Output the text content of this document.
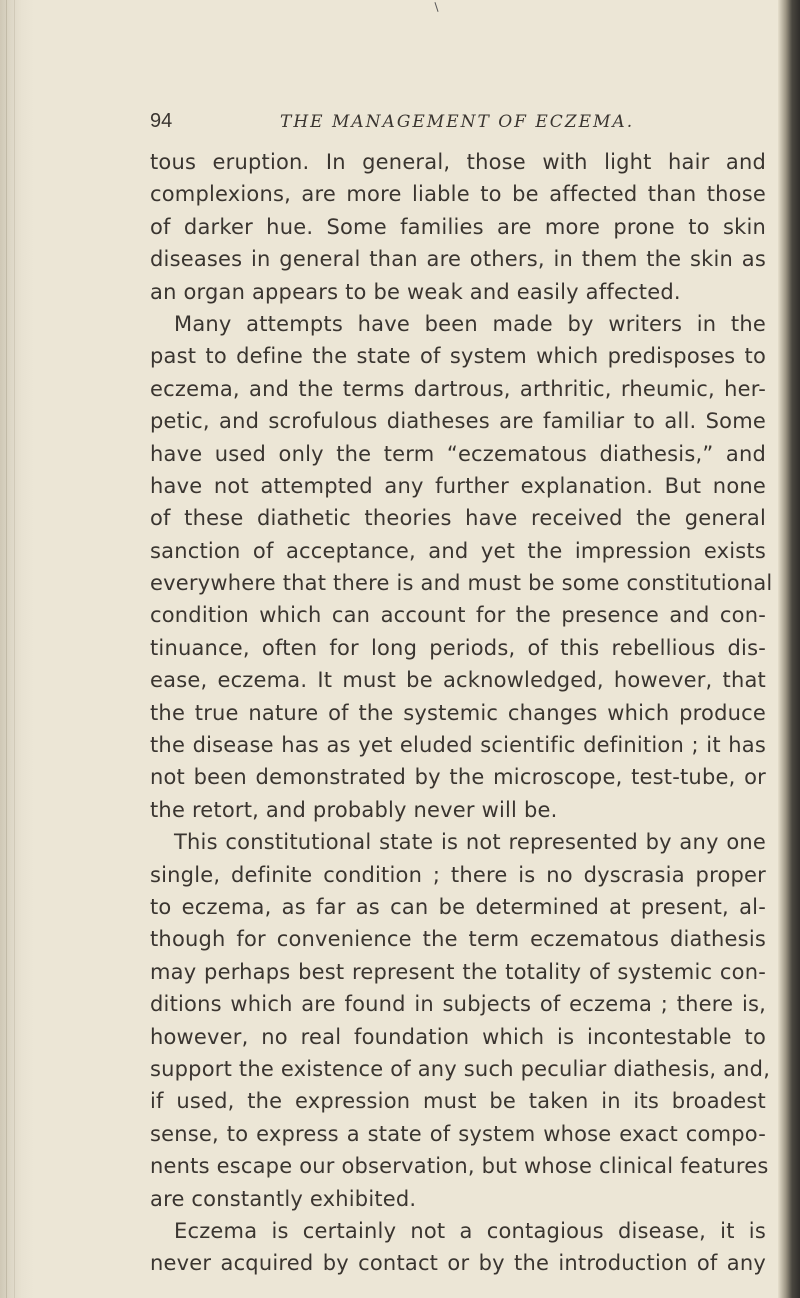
94	THE MANAGEMENT OF ECZEMA.
tous eruption. In general, those with light hair and
complexions, are more liable to be affected than those
of darker hue. Some families are more prone to skin
diseases in general than are others, in them the skin as
an organ appears to be weak and easily affected.
Many attempts have been made by writers in the
past to define the state of system which predisposes to
eczema, and the terms dartrous, arthritic, rheumic, her-
petic, and scrofulous diatheses are familiar to all. Some
have used only the term “eczematous diathesis,” and
have not attempted any further explanation. But none
of these diathetic theories have received the general
sanction of acceptance, and yet the impression exists
everywhere that there is and must be some constitutional
condition which can account for the presence and con-
tinuance, often for long periods, of this rebellious dis-
ease, eczema. It must be acknowledged, however, that
the true nature of the systemic changes which produce
the disease has as yet eluded scientific definition ; it has
not been demonstrated by the microscope, test-tube, or
the retort, and probably never will be.
This constitutional state is not represented by any one
single, definite condition ; there is no dyscrasia proper
to eczema, as far as can be determined at present, al-
though for convenience the term eczematous diathesis
may perhaps best represent the totality of systemic con-
ditions which are found in subjects of eczema ; there is,
however, no real foundation which is incontestable to
support the existence of any such peculiar diathesis, and,
if used, the expression must be taken in its broadest
sense, to express a state of system whose exact compo-
nents escape our observation, but whose clinical features
are constantly exhibited.
Eczema is certainly not a contagious disease, it is
never acquired by contact or by the introduction of any
